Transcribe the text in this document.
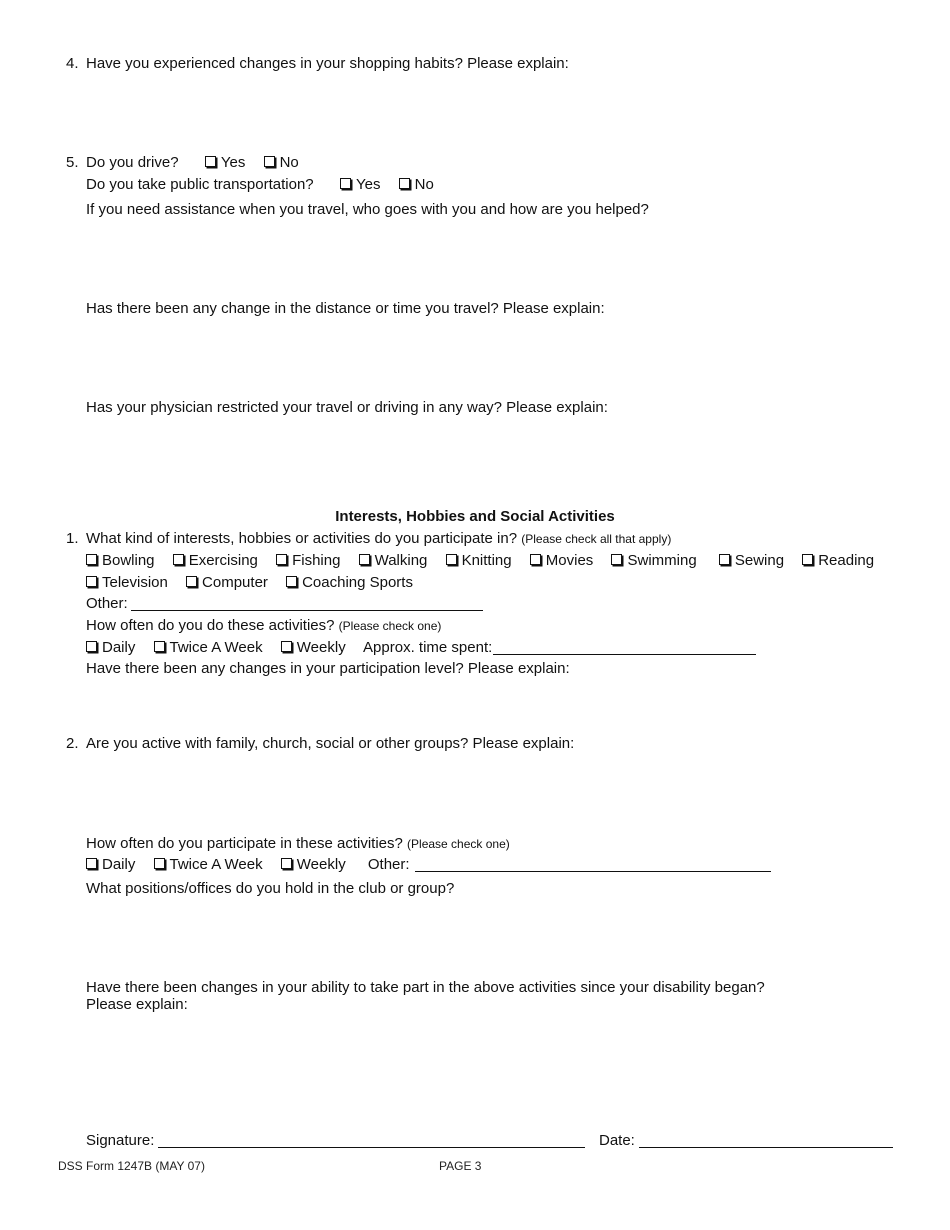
4. Have you experienced changes in your shopping habits? Please explain:
5. Do you drive?	Yes No
Do you take public transportation?	Yes No
If you need assistance when you travel, who goes with you and how are you helped?
Has there been any change in the distance or time you travel? Please explain:
Has your physician restricted your travel or driving in any way? Please explain:
Interests, Hobbies and Social Activities
1. What kind of interests, hobbies or activities do you participate in? (Please check all that apply)
Bowling Exercising Fishing Walking Knitting Movies Swimming	Sewing Reading
Television Computer Coaching Sports
Other:
How often do you do these activities? (Please check one)
Daily Twice A Week Weekly Approx. time spent:
Have there been any changes in your participation level? Please explain:
2. Are you active with family, church, social or other groups? Please explain:
How often do you participate in these activities? (Please check one)
Daily Twice A Week Weekly Other:
What positions/offices do you hold in the club or group?
Have there been changes in your ability to take part in the above activities since your disability began?
Please explain:
Signature:	Date:
DSS Form 1247B (MAY 07)	PAGE 3
